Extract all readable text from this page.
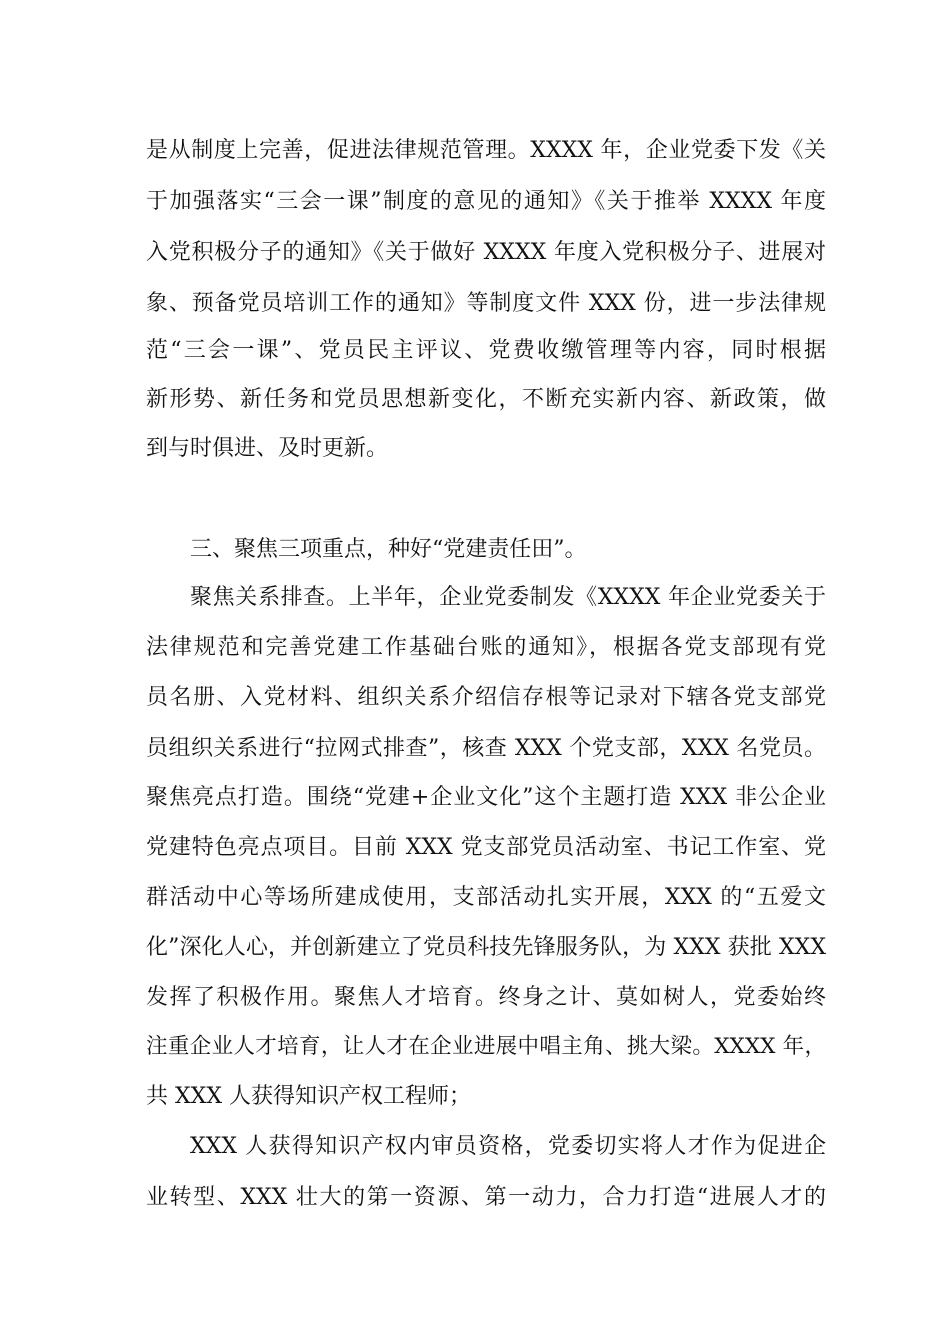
是从制度上完善，促进法律规范管理。XXXX 年，企业党委下发《关
于加强落实“三会一课”制度的意见的通知》《关于推举 XXXX 年度
入党积极分子的通知》《关于做好 XXXX 年度入党积极分子、进展对
象、预备党员培训工作的通知》等制度文件 XXX 份，进一步法律规
范“三会一课”、党员民主评议、党费收缴管理等内容，同时根据
新形势、新任务和党员思想新变化，不断充实新内容、新政策，做
到与时俱进、及时更新。
三、聚焦三项重点，种好“党建责任田”。
聚焦关系排查。上半年，企业党委制发《XXXX 年企业党委关于
法律规范和完善党建工作基础台账的通知》，根据各党支部现有党
员名册、入党材料、组织关系介绍信存根等记录对下辖各党支部党
员组织关系进行“拉网式排查”，核查 XXX 个党支部，XXX 名党员。
聚焦亮点打造。围绕“党建+企业文化”这个主题打造 XXX 非公企业
党建特色亮点项目。目前 XXX 党支部党员活动室、书记工作室、党
群活动中心等场所建成使用，支部活动扎实开展，XXX 的“五爱文
化”深化人心，并创新建立了党员科技先锋服务队，为 XXX 获批 XXX
发挥了积极作用。聚焦人才培育。终身之计、莫如树人，党委始终
注重企业人才培育，让人才在企业进展中唱主角、挑大梁。XXXX 年，
共 XXX 人获得知识产权工程师；
XXX 人获得知识产权内审员资格，党委切实将人才作为促进企
业转型、XXX 壮大的第一资源、第一动力，合力打造“进展人才的
